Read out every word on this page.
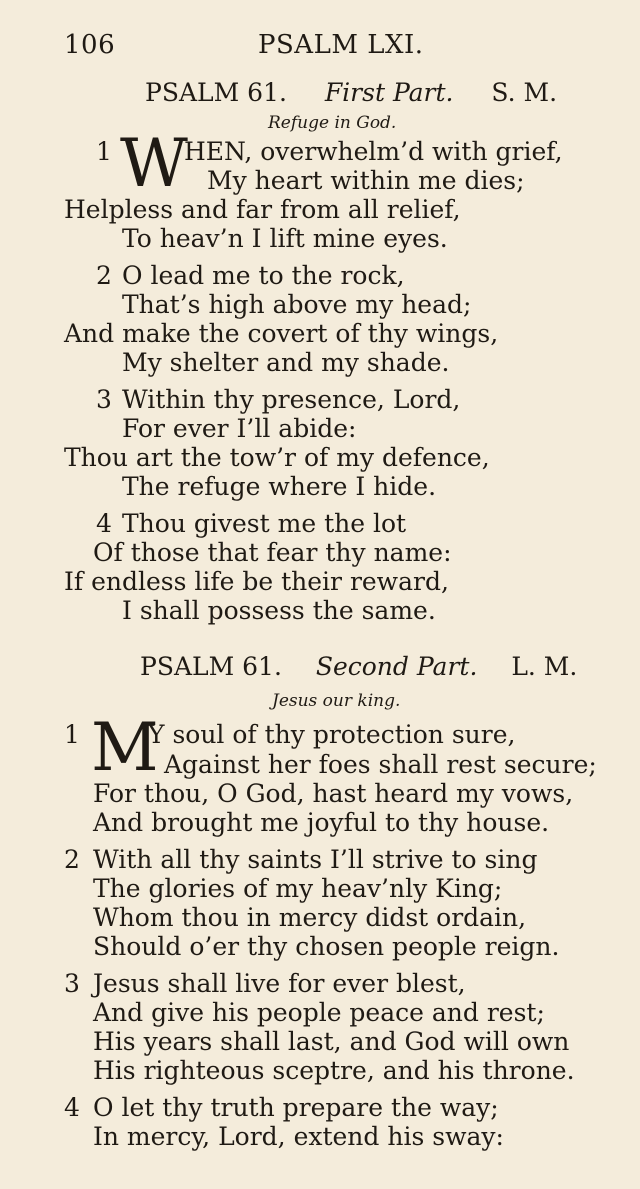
106	PSALM LXI.
PSALM 61. First Part. S. M.
Refuge in God.
1 W
HEN, overwhelm’d with grief,
My heart within me dies;
Helpless and far from all relief,
To heav’n I lift mine eyes.
2 O lead me to the rock,
That’s high above my head;
And make the covert of thy wings,
My shelter and my shade.
3 Within thy presence, Lord,
For ever I’ll abide:
Thou art the tow’r of my defence,
The refuge where I hide.
4 Thou givest me the lot
Of those that fear thy name:
If endless life be their reward,
I shall possess the same.
PSALM 61. Second Part. L. M.
Jesus our king.
1 M
Y soul of thy protection sure,
Against her foes shall rest secure;
For thou, O God, hast heard my vows,
And brought me joyful to thy house.
2 With all thy saints I’ll strive to sing
The glories of my heav’nly King;
Whom thou in mercy didst ordain,
Should o’er thy chosen people reign.
3 Jesus shall live for ever blest,
And give his people peace and rest;
His years shall last, and God will own
His righteous sceptre, and his throne.
4 O let thy truth prepare the way;
In mercy, Lord, extend his sway:
